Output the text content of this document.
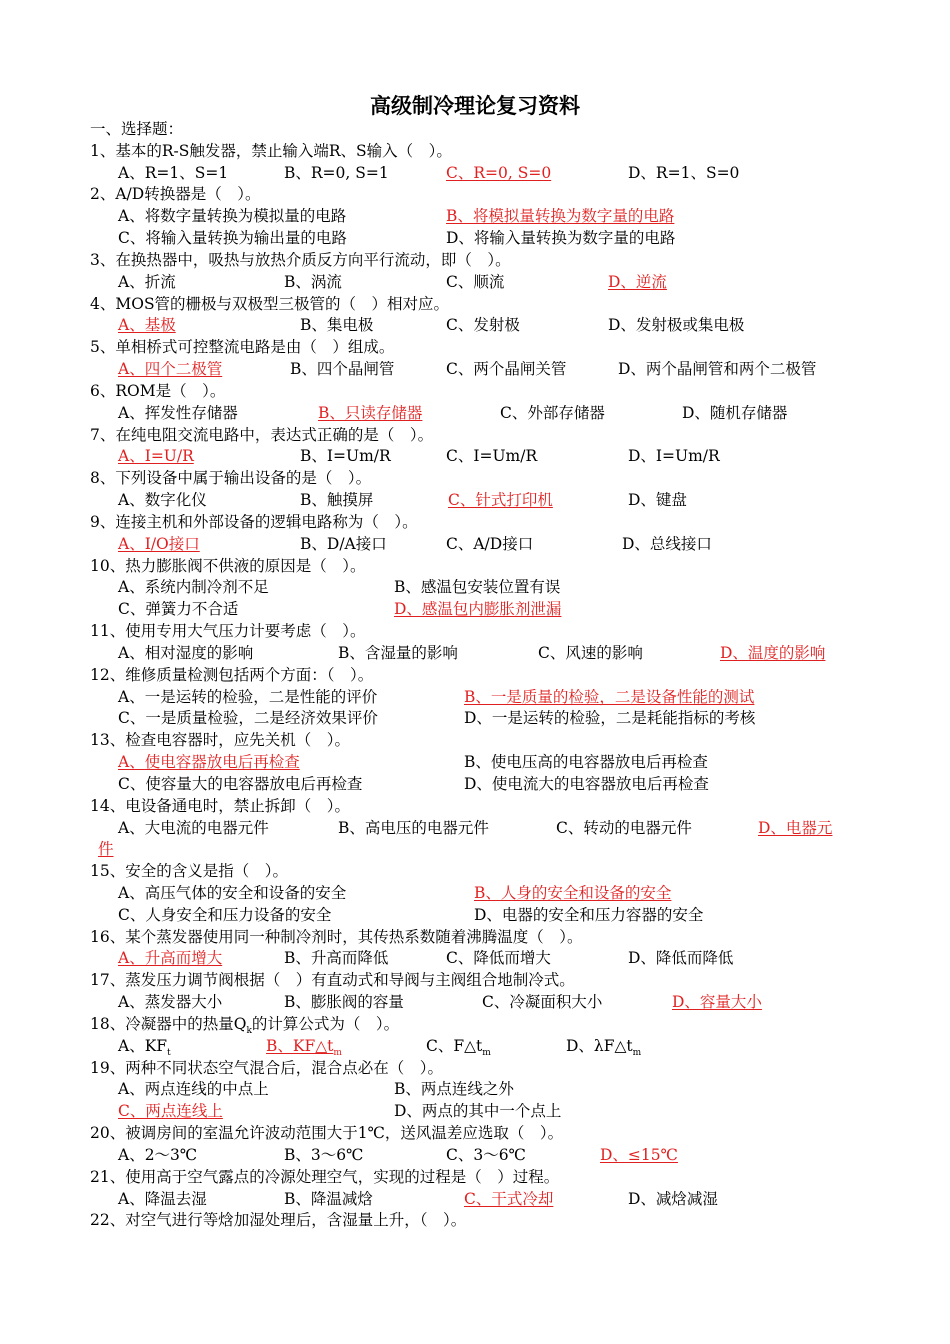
高级制冷理论复习资料
一、选择题：
1、基本的R-S触发器，禁止输入端R、S输入（　）。
A、R=1、S=1	B、R=0, S=1	C、R=0, S=0	D、R=1、S=0
2、A/D转换器是（　）。
A、将数字量转换为模拟量的电路	B、将模拟量转换为数字量的电路
C、将输入量转换为输出量的电路	D、将输入量转换为数字量的电路
3、在换热器中，吸热与放热介质反方向平行流动，即（　）。
A、折流	B、涡流	C、顺流	D、逆流
4、MOS管的栅极与双极型三极管的（　）相对应。
A、基极	B、集电极	C、发射极	D、发射极或集电极
5、单相桥式可控整流电路是由（　）组成。
A、四个二极管	B、四个晶闸管	C、两个晶闸关管	D、两个晶闸管和两个二极管
6、ROM是（　）。
A、挥发性存储器	B、只读存储器	C、外部存储器	D、随机存储器
7、在纯电阻交流电路中，表达式正确的是（　）。
A、I=U/R	B、I=Um/R	C、I=Um/R	D、I=Um/R
8、下列设备中属于输出设备的是（　）。
A、数字化仪	B、触摸屏	C、针式打印机	D、键盘
9、连接主机和外部设备的逻辑电路称为（　）。
A、I/O接口	B、D/A接口	C、A/D接口	D、总线接口
10、热力膨胀阀不供液的原因是（　）。
A、系统内制冷剂不足	B、感温包安装位置有误
C、弹簧力不合适	D、感温包内膨胀剂泄漏
11、使用专用大气压力计要考虑（　）。
A、相对湿度的影响	B、含湿量的影响	C、风速的影响	D、温度的影响
12、维修质量检测包括两个方面：（　）。
A、一是运转的检验，二是性能的评价	B、一是质量的检验，二是设备性能的测试
C、一是质量检验，二是经济效果评价	D、一是运转的检验，二是耗能指标的考核
13、检查电容器时，应先关机（　）。
A、使电容器放电后再检查	B、使电压高的电容器放电后再检查
C、使容量大的电容器放电后再检查	D、使电流大的电容器放电后再检查
14、电设备通电时，禁止拆卸（　）。
A、大电流的电器元件	B、高电压的电器元件	C、转动的电器元件	D、电器元
件
15、安全的含义是指（　）。
A、高压气体的安全和设备的安全	B、人身的安全和设备的安全
C、人身安全和压力设备的安全	D、电器的安全和压力容器的安全
16、某个蒸发器使用同一种制冷剂时，其传热系数随着沸腾温度（　）。
A、升高而增大	B、升高而降低	C、降低而增大	D、降低而降低
17、蒸发压力调节阀根据（　）有直动式和导阀与主阀组合地制冷式。
A、蒸发器大小	B、膨胀阀的容量	C、冷凝面积大小	D、容量大小
18、冷凝器中的热量$Q_k$的计算公式为（　）。
A、$KF_t$	B、$KF\triangle t_m$	C、$F\triangle t_m$	D、$\lambda F\triangle t_m$
19、两种不同状态空气混合后，混合点必在（　）。
A、两点连线的中点上	B、两点连线之外
C、两点连线上	D、两点的其中一个点上
20、被调房间的室温允许波动范围大于1℃，送风温差应选取（　）。
A、2～3℃	B、3～6℃	C、3～6℃	D、≤15℃
21、使用高于空气露点的冷源处理空气，实现的过程是（　）过程。
A、降温去湿	B、降温减焓	C、干式冷却	D、减焓减湿
22、对空气进行等焓加湿处理后，含湿量上升，（　）。
